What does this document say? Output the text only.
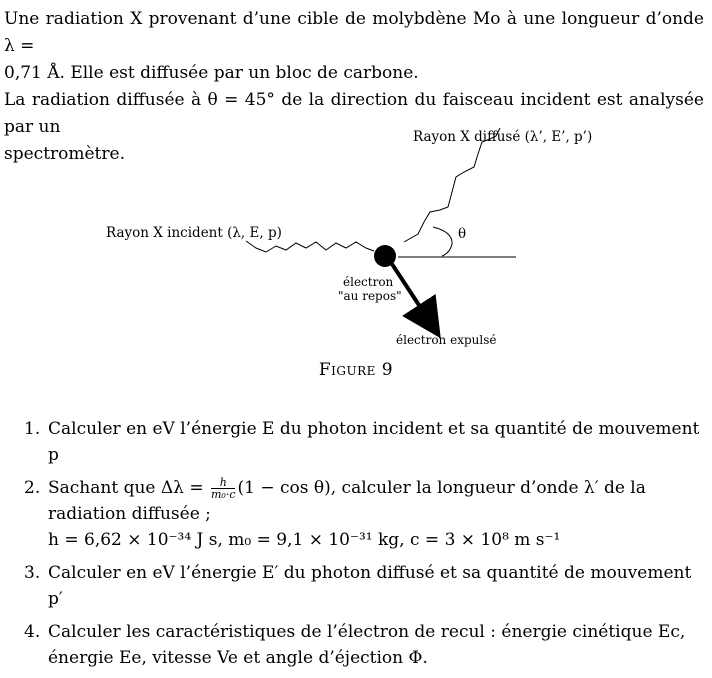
Une radiation X provenant d’une cible de molybdène Mo à une longueur d’onde λ =

0,71 Å. Elle est diffusée par un bloc de carbone.

La radiation diffusée à θ = 45° de la direction du faisceau incident est analysée par un

spectromètre.

Rayon X diffusé (λ’, E’, p’)
Rayon X incident (λ, E, p)	θ
électron
"au repos"
électron expulsé
Figure 9
1. Calculer en eV l’énergie E du photon incident et sa quantité de mouvement p
2. Sachant que $\Delta\lambda = \frac{h}{\text{m₀·c}} (1 - \cos \theta)$, calculer la longueur d’onde λ′ de la radiation diffusée ;
h = 6,62 × 10⁻³⁴ J s, m₀ = 9,1 × 10⁻³¹ kg, c = 3 × 10⁸ m s⁻¹
3. Calculer en eV l’énergie E′ du photon diffusé et sa quantité de mouvement p′
4. Calculer les caractéristiques de l’électron de recul : énergie cinétique Ec, énergie Ee, vitesse Ve et angle d’éjection Φ.
